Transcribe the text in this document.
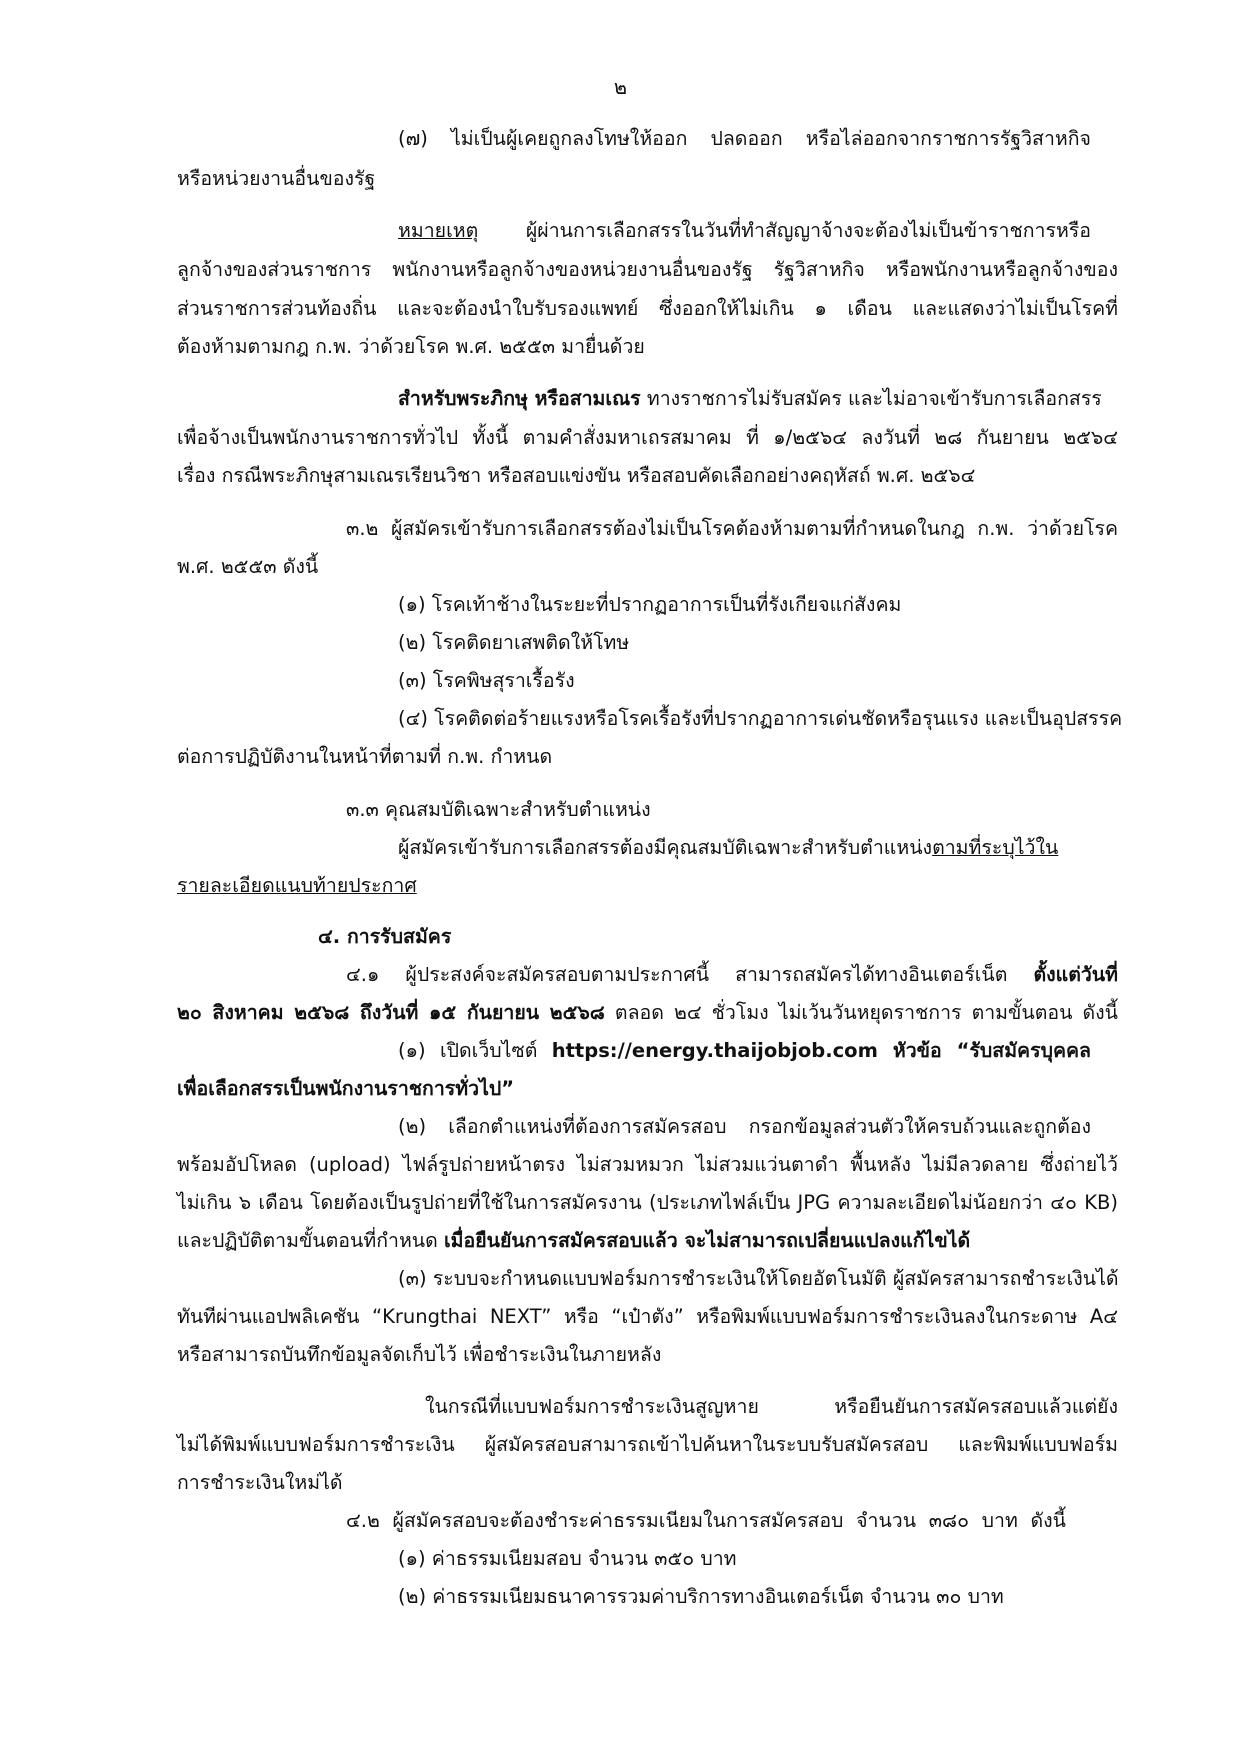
๒
(๗) ไม่เป็นผู้เคยถูกลงโทษให้ออก ปลดออก หรือไล่ออกจากราชการรัฐวิสาหกิจ
หรือหน่วยงานอื่นของรัฐ
หมายเหตุ ผู้ผ่านการเลือกสรรในวันที่ทำสัญญาจ้างจะต้องไม่เป็นข้าราชการหรือ
ลูกจ้างของส่วนราชการ พนักงานหรือลูกจ้างของหน่วยงานอื่นของรัฐ รัฐวิสาหกิจ หรือพนักงานหรือลูกจ้างของ
ส่วนราชการส่วนท้องถิ่น และจะต้องนำใบรับรองแพทย์ ซึ่งออกให้ไม่เกิน ๑ เดือน และแสดงว่าไม่เป็นโรคที่
ต้องห้ามตามกฎ ก.พ. ว่าด้วยโรค พ.ศ. ๒๕๕๓ มายื่นด้วย
สำหรับพระภิกษุ หรือสามเณร ทางราชการไม่รับสมัคร และไม่อาจเข้ารับการเลือกสรร
เพื่อจ้างเป็นพนักงานราชการทั่วไป ทั้งนี้ ตามคำสั่งมหาเถรสมาคม ที่ ๑/๒๕๖๔ ลงวันที่ ๒๘ กันยายน ๒๕๖๔
เรื่อง กรณีพระภิกษุสามเณรเรียนวิชา หรือสอบแข่งขัน หรือสอบคัดเลือกอย่างคฤหัสถ์ พ.ศ. ๒๕๖๔
๓.๒ ผู้สมัครเข้ารับการเลือกสรรต้องไม่เป็นโรคต้องห้ามตามที่กำหนดในกฎ ก.พ. ว่าด้วยโรค
พ.ศ. ๒๕๕๓ ดังนี้
(๑) โรคเท้าช้างในระยะที่ปรากฏอาการเป็นที่รังเกียจแก่สังคม
(๒) โรคติดยาเสพติดให้โทษ
(๓) โรคพิษสุราเรื้อรัง
(๔) โรคติดต่อร้ายแรงหรือโรคเรื้อรังที่ปรากฏอาการเด่นชัดหรือรุนแรง และเป็นอุปสรรค
ต่อการปฏิบัติงานในหน้าที่ตามที่ ก.พ. กำหนด
๓.๓ คุณสมบัติเฉพาะสำหรับตำแหน่ง
ผู้สมัครเข้ารับการเลือกสรรต้องมีคุณสมบัติเฉพาะสำหรับตำแหน่งตามที่ระบุไว้ใน
รายละเอียดแนบท้ายประกาศ
๔. การรับสมัคร
๔.๑ ผู้ประสงค์จะสมัครสอบตามประกาศนี้ สามารถสมัครได้ทางอินเตอร์เน็ต ตั้งแต่วันที่
๒๐ สิงหาคม ๒๕๖๘ ถึงวันที่ ๑๕ กันยายน ๒๕๖๘ ตลอด ๒๔ ชั่วโมง ไม่เว้นวันหยุดราชการ ตามขั้นตอน ดังนี้
(๑) เปิดเว็บไซต์ https://energy.thaijobjob.com หัวข้อ “รับสมัครบุคคล
เพื่อเลือกสรรเป็นพนักงานราชการทั่วไป”
(๒) เลือกตำแหน่งที่ต้องการสมัครสอบ กรอกข้อมูลส่วนตัวให้ครบถ้วนและถูกต้อง
พร้อมอัปโหลด (upload) ไฟล์รูปถ่ายหน้าตรง ไม่สวมหมวก ไม่สวมแว่นตาดำ พื้นหลัง ไม่มีลวดลาย ซึ่งถ่ายไว้
ไม่เกิน ๖ เดือน โดยต้องเป็นรูปถ่ายที่ใช้ในการสมัครงาน (ประเภทไฟล์เป็น JPG ความละเอียดไม่น้อยกว่า ๔๐ KB)
และปฏิบัติตามขั้นตอนที่กำหนด เมื่อยืนยันการสมัครสอบแล้ว จะไม่สามารถเปลี่ยนแปลงแก้ไขได้
(๓) ระบบจะกำหนดแบบฟอร์มการชำระเงินให้โดยอัตโนมัติ ผู้สมัครสามารถชำระเงินได้
ทันทีผ่านแอปพลิเคชัน “Krungthai NEXT” หรือ “เป๋าตัง” หรือพิมพ์แบบฟอร์มการชำระเงินลงในกระดาษ A๔
หรือสามารถบันทึกข้อมูลจัดเก็บไว้ เพื่อชำระเงินในภายหลัง
ในกรณีที่แบบฟอร์มการชำระเงินสูญหาย หรือยืนยันการสมัครสอบแล้วแต่ยัง
ไม่ได้พิมพ์แบบฟอร์มการชำระเงิน ผู้สมัครสอบสามารถเข้าไปค้นหาในระบบรับสมัครสอบ และพิมพ์แบบฟอร์ม
การชำระเงินใหม่ได้
๔.๒ ผู้สมัครสอบจะต้องชำระค่าธรรมเนียมในการสมัครสอบ จำนวน ๓๘๐ บาท ดังนี้
(๑) ค่าธรรมเนียมสอบ จำนวน ๓๕๐ บาท
(๒) ค่าธรรมเนียมธนาคารรวมค่าบริการทางอินเตอร์เน็ต จำนวน ๓๐ บาท
